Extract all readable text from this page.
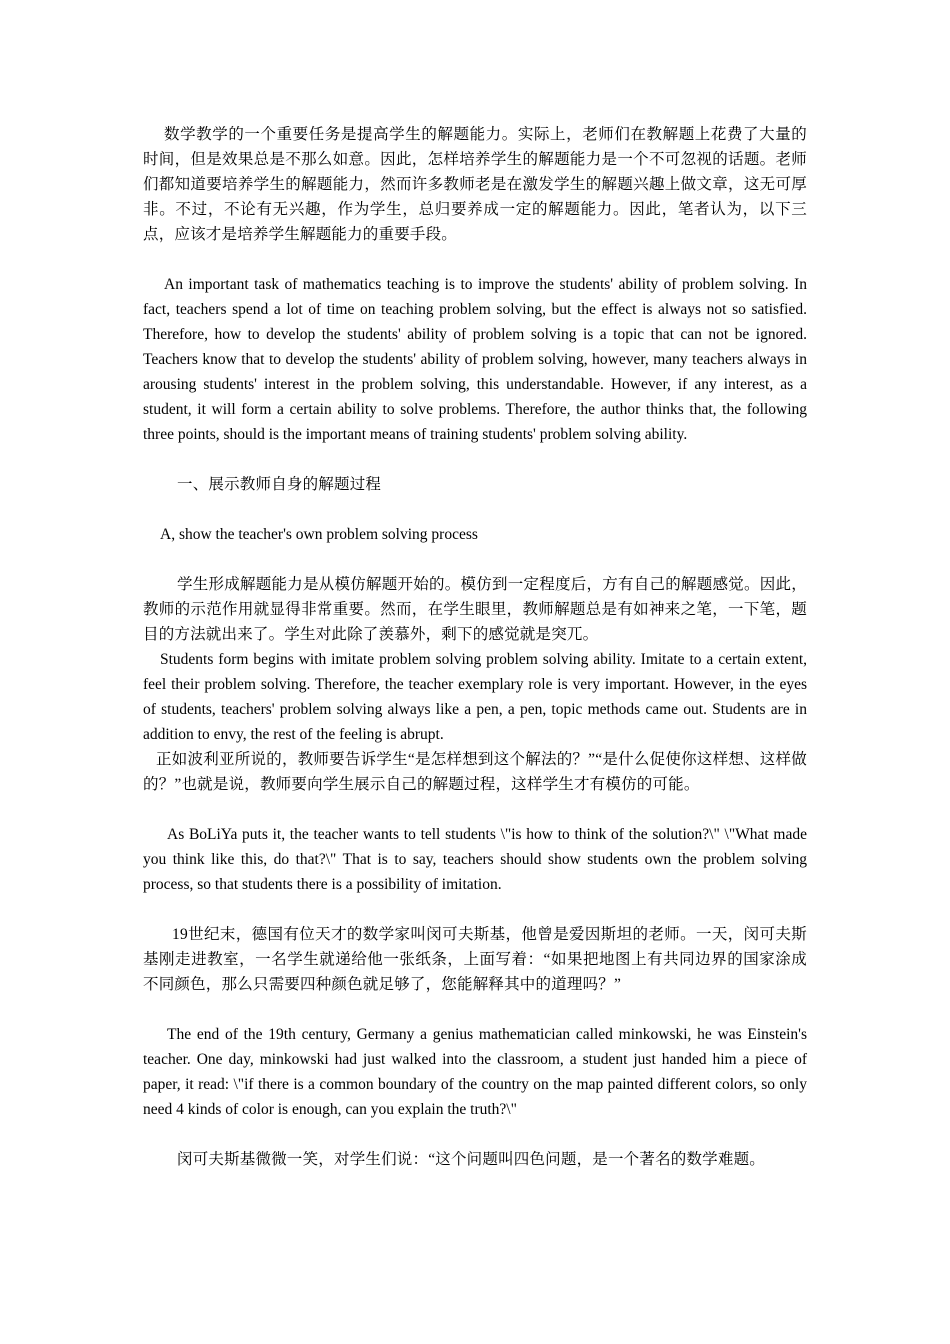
数学教学的一个重要任务是提高学生的解题能力。实际上，老师们在教解题上花费了大量的时间，但是效果总是不那么如意。因此，怎样培养学生的解题能力是一个不可忽视的话题。老师们都知道要培养学生的解题能力，然而许多教师老是在激发学生的解题兴趣上做文章，这无可厚非。不过，不论有无兴趣，作为学生，总归要养成一定的解题能力。因此，笔者认为，以下三点，应该才是培养学生解题能力的重要手段。

An important task of mathematics teaching is to improve the students' ability of problem solving. In fact, teachers spend a lot of time on teaching problem solving, but the effect is always not so satisfied. Therefore, how to develop the students' ability of problem solving is a topic that can not be ignored. Teachers know that to develop the students' ability of problem solving, however, many teachers always in arousing students' interest in the problem solving, this understandable. However, if any interest, as a student, it will form a certain ability to solve problems. Therefore, the author thinks that, the following three points, should is the important means of training students' problem solving ability.

一、展示教师自身的解题过程

A, show the teacher's own problem solving process

学生形成解题能力是从模仿解题开始的。模仿到一定程度后，方有自己的解题感觉。因此，教师的示范作用就显得非常重要。然而，在学生眼里，教师解题总是有如神来之笔，一下笔，题目的方法就出来了。学生对此除了羡慕外，剩下的感觉就是突兀。

Students form begins with imitate problem solving problem solving ability. Imitate to a certain extent, feel their problem solving. Therefore, the teacher exemplary role is very important. However, in the eyes of students, teachers' problem solving always like a pen, a pen, topic methods came out. Students are in addition to envy, the rest of the feeling is abrupt.

正如波利亚所说的，教师要告诉学生“是怎样想到这个解法的？”“是什么促使你这样想、这样做的？”也就是说，教师要向学生展示自己的解题过程，这样学生才有模仿的可能。

As BoLiYa puts it, the teacher wants to tell students \"is how to think of the solution?\" \"What made you think like this, do that?\" That is to say, teachers should show students own the problem solving process, so that students there is a possibility of imitation.

19世纪末，德国有位天才的数学家叫闵可夫斯基，他曾是爱因斯坦的老师。一天，闵可夫斯基刚走进教室，一名学生就递给他一张纸条，上面写着：“如果把地图上有共同边界的国家涂成不同颜色，那么只需要四种颜色就足够了，您能解释其中的道理吗？”

The end of the 19th century, Germany a genius mathematician called minkowski, he was Einstein's teacher. One day, minkowski had just walked into the classroom, a student just handed him a piece of paper, it read: \"if there is a common boundary of the country on the map painted different colors, so only need 4 kinds of color is enough, can you explain the truth?\"

闵可夫斯基微微一笑，对学生们说：“这个问题叫四色问题，是一个著名的数学难题。
